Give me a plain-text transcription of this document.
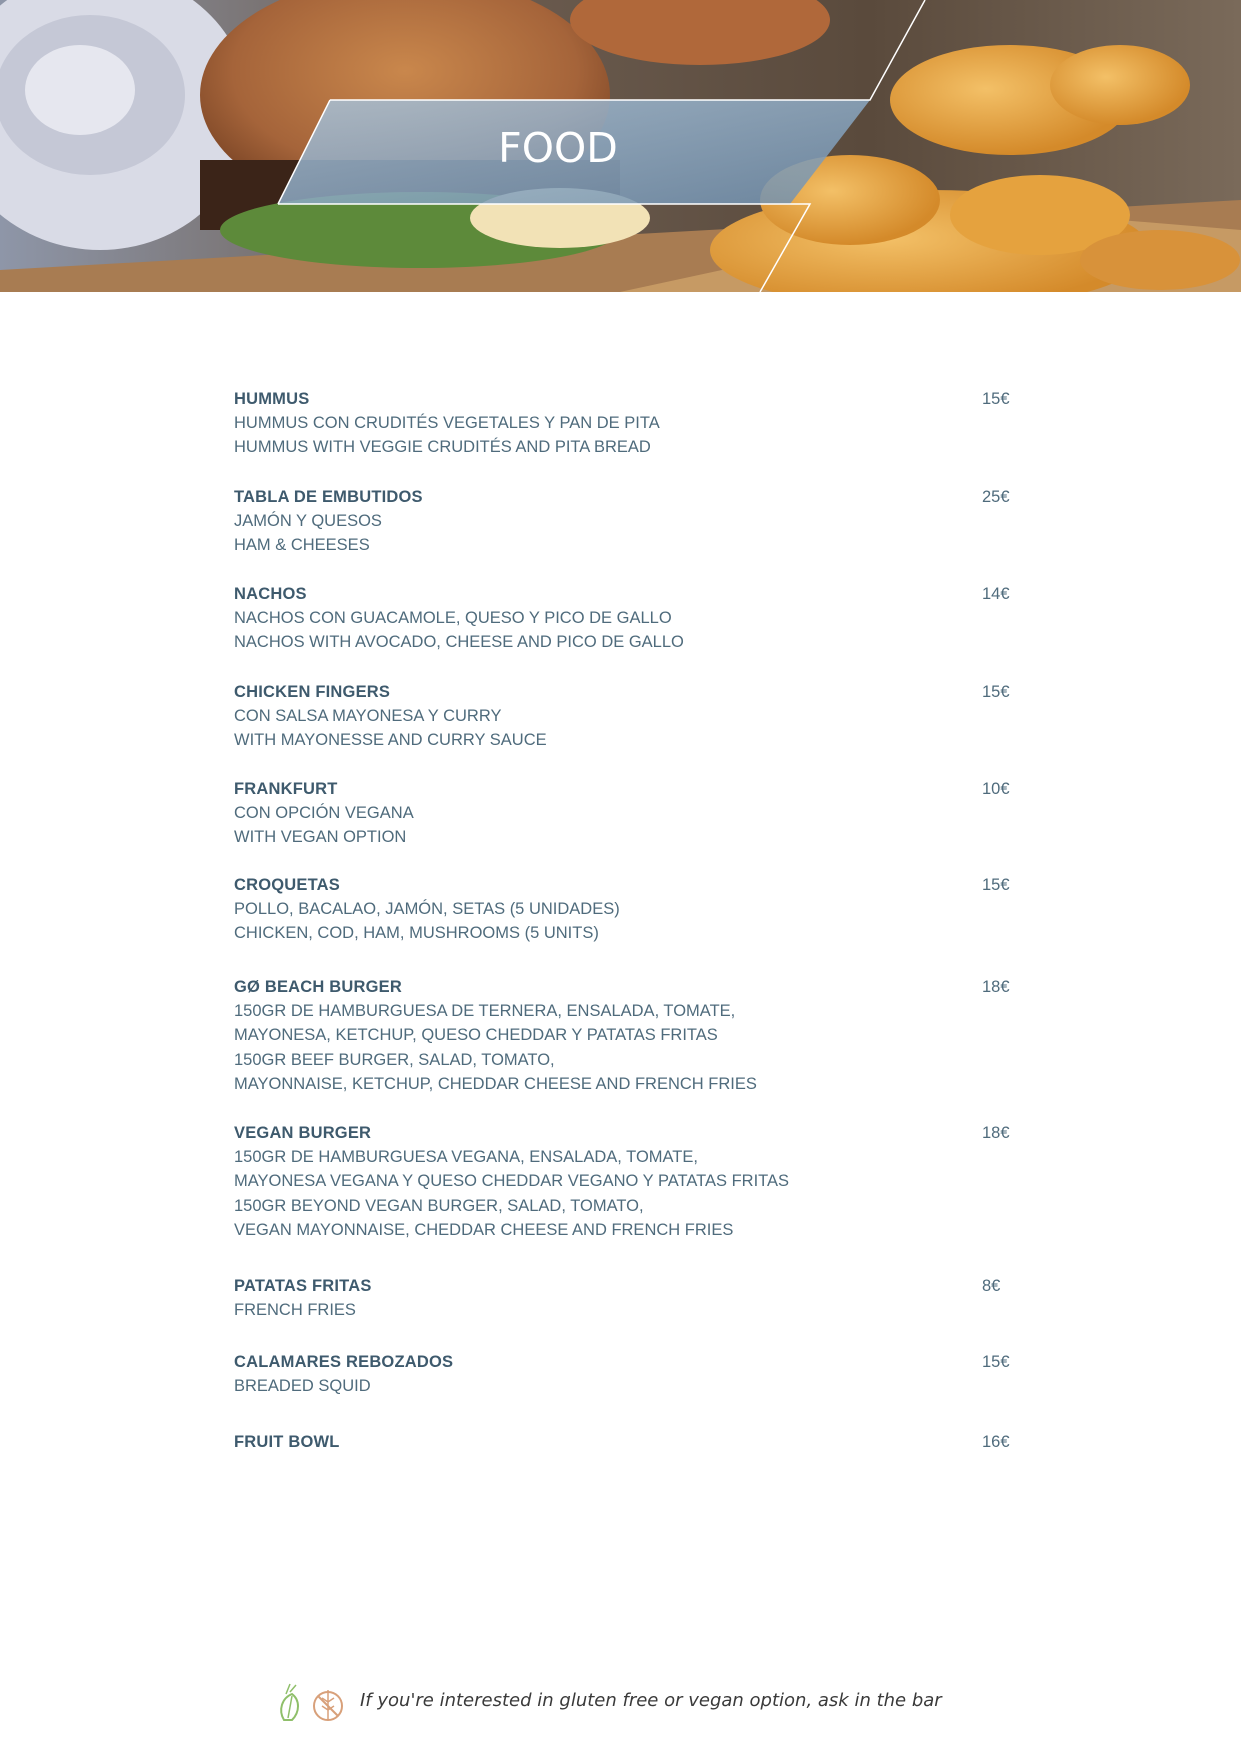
FOOD
HUMMUS
HUMMUS CON CRUDITÉS VEGETALES Y PAN DE PITA
HUMMUS WITH VEGGIE CRUDITÉS AND PITA BREAD
15€
TABLA DE EMBUTIDOS
JAMÓN Y QUESOS
HAM & CHEESES
25€
NACHOS
NACHOS CON GUACAMOLE, QUESO Y PICO DE GALLO
NACHOS WITH AVOCADO, CHEESE AND PICO DE GALLO
14€
CHICKEN FINGERS
CON SALSA MAYONESA Y CURRY
WITH MAYONESSE AND CURRY SAUCE
15€
FRANKFURT
CON OPCIÓN VEGANA
WITH VEGAN OPTION
10€
CROQUETAS
POLLO, BACALAO, JAMÓN, SETAS (5 UNIDADES)
CHICKEN, COD, HAM, MUSHROOMS (5 UNITS)
15€
GØ BEACH BURGER
150GR DE HAMBURGUESA DE TERNERA, ENSALADA, TOMATE,
MAYONESA, KETCHUP, QUESO CHEDDAR Y PATATAS FRITAS
150GR BEEF BURGER, SALAD, TOMATO,
MAYONNAISE, KETCHUP, CHEDDAR CHEESE AND FRENCH FRIES
18€
VEGAN BURGER
150GR DE HAMBURGUESA VEGANA, ENSALADA, TOMATE,
MAYONESA VEGANA Y QUESO CHEDDAR VEGANO Y PATATAS FRITAS
150GR BEYOND VEGAN BURGER, SALAD, TOMATO,
VEGAN MAYONNAISE, CHEDDAR CHEESE AND FRENCH FRIES
18€
PATATAS FRITAS
FRENCH FRIES
8€
CALAMARES REBOZADOS
BREADED SQUID
15€
FRUIT BOWL	16€
If you're interested in gluten free or vegan option, ask in the bar
